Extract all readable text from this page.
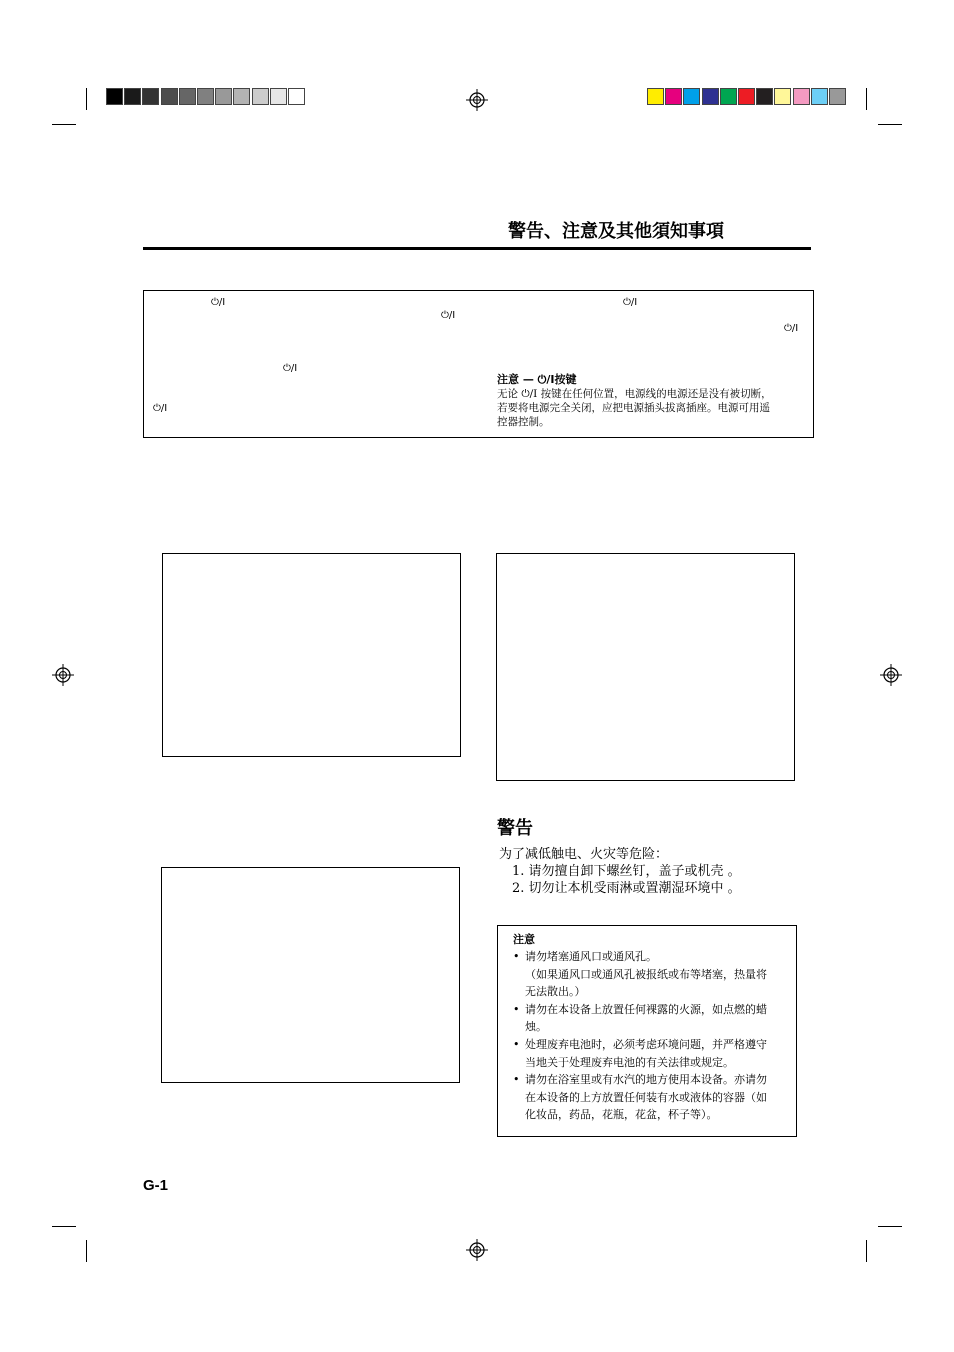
警告、注意及其他須知事項
⏻/I
⏻/I
⏻/I
⏻/I
⏻/I
⏻/I
注意 — ⏻/I按键
无论 ⏻/I 按键在任何位置，电源线的电源还是没有被切断，
若要将电源完全关闭，应把电源插头拔离插座。电源可用遥
控器控制。
警告
为了减低触电、火灾等危险：
1. 请勿擅自卸下螺丝钉，盖子或机壳 。
2. 切勿让本机受雨淋或置潮湿环境中 。
注意
• 请勿堵塞通风口或通风孔。
（如果通风口或通风孔被报纸或布等堵塞，热量将
无法散出。）
• 请勿在本设备上放置任何裸露的火源，如点燃的蜡
烛。
• 处理废弃电池时，必须考虑环境问题，并严格遵守
当地关于处理废弃电池的有关法律或规定。
• 请勿在浴室里或有水汽的地方使用本设备。亦请勿
在本设备的上方放置任何装有水或液体的容器（如
化妆品，药品，花瓶，花盆，杯子等）。
G-1
